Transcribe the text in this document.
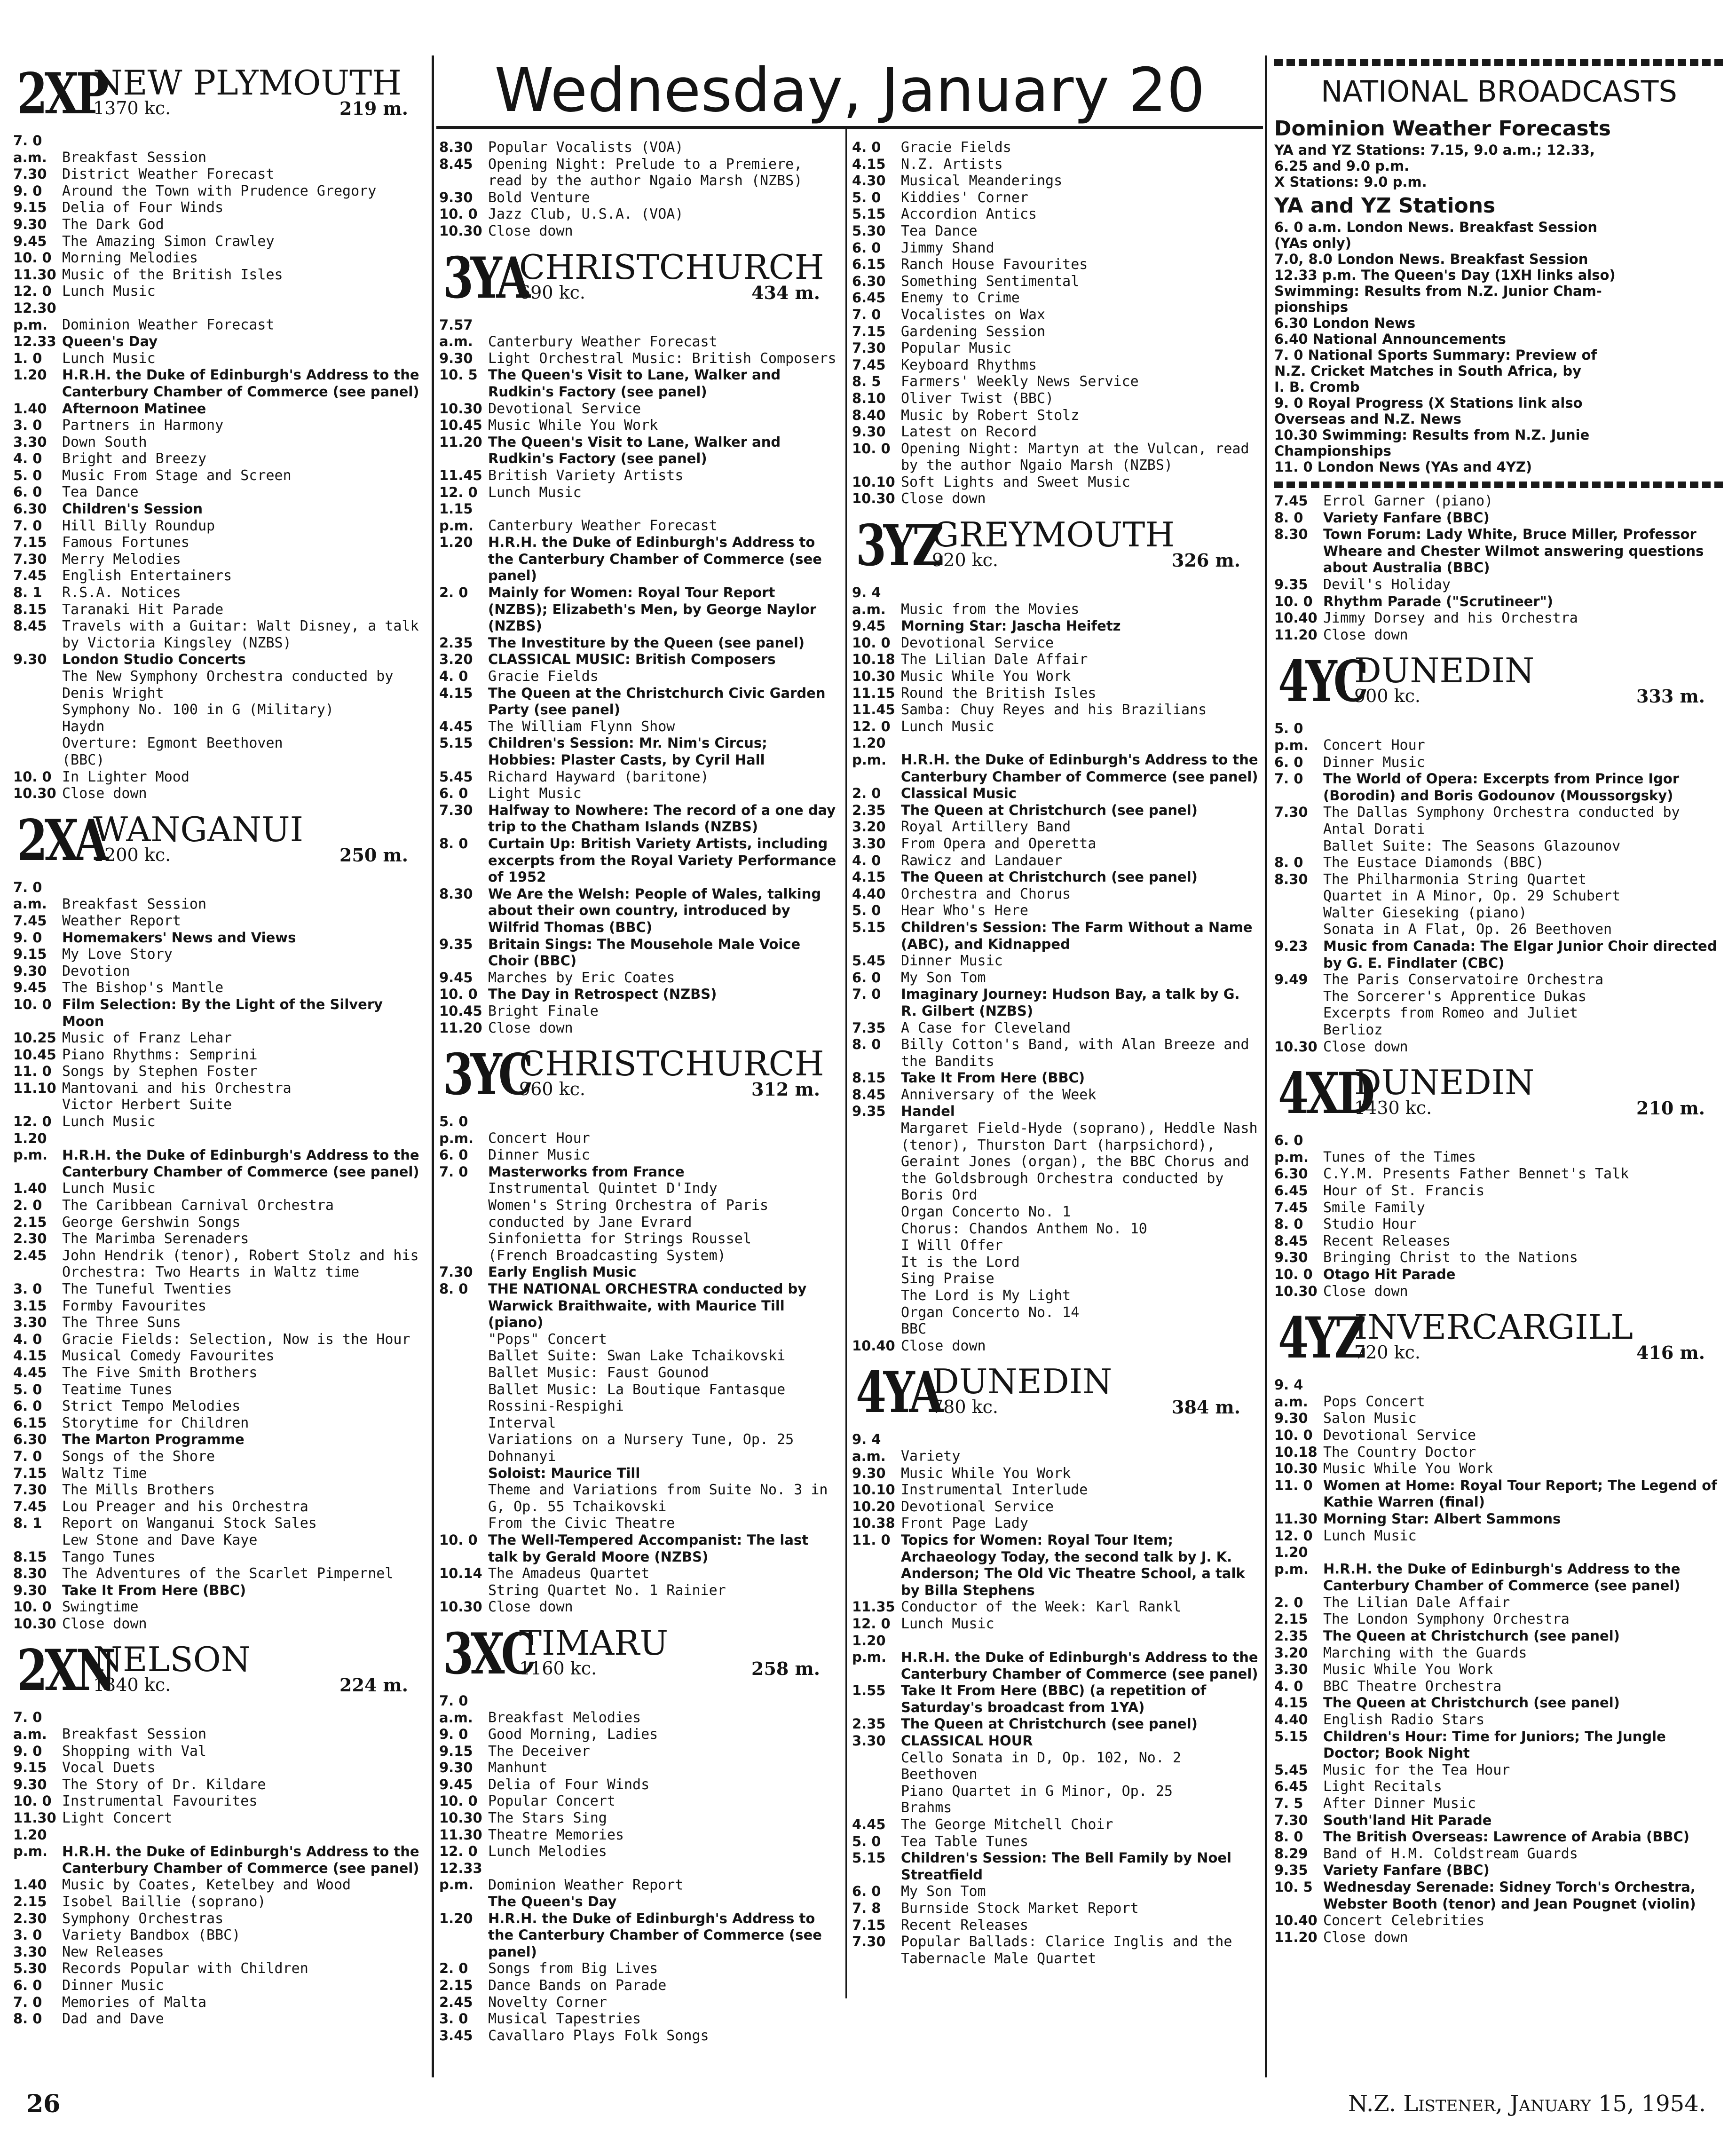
Wednesday, January 20
2XP
NEW PLYMOUTH
1370 kc.	219 m.
7. 0 a.m. Breakfast Session
7.30 District Weather Forecast
9. 0 Around the Town with Prudence Gregory
9.15 Delia of Four Winds
9.30 The Dark God
9.45 The Amazing Simon Crawley
10. 0 Morning Melodies
11.30 Music of the British Isles
12. 0 Lunch Music
12.30 p.m. Dominion Weather Forecast
12.33 Queen's Day
1. 0 Lunch Music
1.20 H.R.H. the Duke of Edinburgh's Address to the Canterbury Chamber of Commerce (see panel)
1.40 Afternoon Matinee
3. 0 Partners in Harmony
3.30 Down South
4. 0 Bright and Breezy
5. 0 Music From Stage and Screen
6. 0 Tea Dance
6.30 Children's Session
7. 0 Hill Billy Roundup
7.15 Famous Fortunes
7.30 Merry Melodies
7.45 English Entertainers
8. 1 R.S.A. Notices
8.15 Taranaki Hit Parade
8.45 Travels with a Guitar: Walt Disney, a talk by Victoria Kingsley (NZBS)
9.30 London Studio Concerts
The New Symphony Orchestra conducted by Denis Wright
Symphony No. 100 in G (Military)
Haydn
Overture: Egmont Beethoven
(BBC)
10. 0 In Lighter Mood
10.30 Close down
2XA
WANGANUI
1200 kc.	250 m.
7. 0 a.m. Breakfast Session
7.45 Weather Report
9. 0 Homemakers' News and Views
9.15 My Love Story
9.30 Devotion
9.45 The Bishop's Mantle
10. 0 Film Selection: By the Light of the Silvery Moon
10.25 Music of Franz Lehar
10.45 Piano Rhythms: Semprini
11. 0 Songs by Stephen Foster
11.10 Mantovani and his Orchestra
Victor Herbert Suite
12. 0 Lunch Music
1.20 p.m. H.R.H. the Duke of Edinburgh's Address to the Canterbury Chamber of Commerce (see panel)
1.40 Lunch Music
2. 0 The Caribbean Carnival Orchestra
2.15 George Gershwin Songs
2.30 The Marimba Serenaders
2.45 John Hendrik (tenor), Robert Stolz and his Orchestra: Two Hearts in Waltz time
3. 0 The Tuneful Twenties
3.15 Formby Favourites
3.30 The Three Suns
4. 0 Gracie Fields: Selection, Now is the Hour
4.15 Musical Comedy Favourites
4.45 The Five Smith Brothers
5. 0 Teatime Tunes
6. 0 Strict Tempo Melodies
6.15 Storytime for Children
6.30 The Marton Programme
7. 0 Songs of the Shore
7.15 Waltz Time
7.30 The Mills Brothers
7.45 Lou Preager and his Orchestra
8. 1 Report on Wanganui Stock Sales
Lew Stone and Dave Kaye
8.15 Tango Tunes
8.30 The Adventures of the Scarlet Pimpernel
9.30 Take It From Here (BBC)
10. 0 Swingtime
10.30 Close down
2XN
NELSON
1340 kc.	224 m.
7. 0 a.m. Breakfast Session
9. 0 Shopping with Val
9.15 Vocal Duets
9.30 The Story of Dr. Kildare
10. 0 Instrumental Favourites
11.30 Light Concert
1.20 p.m. H.R.H. the Duke of Edinburgh's Address to the Canterbury Chamber of Commerce (see panel)
1.40 Music by Coates, Ketelbey and Wood
2.15 Isobel Baillie (soprano)
2.30 Symphony Orchestras
3. 0 Variety Bandbox (BBC)
3.30 New Releases
5.30 Records Popular with Children
6. 0 Dinner Music
7. 0 Memories of Malta
8. 0 Dad and Dave
8.30 Popular Vocalists (VOA)
8.45 Opening Night: Prelude to a Premiere, read by the author Ngaio Marsh (NZBS)
9.30 Bold Venture
10. 0 Jazz Club, U.S.A. (VOA)
10.30 Close down
3YA
CHRISTCHURCH
690 kc.	434 m.
7.57 a.m. Canterbury Weather Forecast
9.30 Light Orchestral Music: British Composers
10. 5 The Queen's Visit to Lane, Walker and Rudkin's Factory (see panel)
10.30 Devotional Service
10.45 Music While You Work
11.20 The Queen's Visit to Lane, Walker and Rudkin's Factory (see panel)
11.45 British Variety Artists
12. 0 Lunch Music
1.15 p.m. Canterbury Weather Forecast
1.20 H.R.H. the Duke of Edinburgh's Address to the Canterbury Chamber of Commerce (see panel)
2. 0 Mainly for Women: Royal Tour Report (NZBS); Elizabeth's Men, by George Naylor (NZBS)
2.35 The Investiture by the Queen (see panel)
3.20 CLASSICAL MUSIC: British Composers
4. 0 Gracie Fields
4.15 The Queen at the Christchurch Civic Garden Party (see panel)
4.45 The William Flynn Show
5.15 Children's Session: Mr. Nim's Circus; Hobbies: Plaster Casts, by Cyril Hall
5.45 Richard Hayward (baritone)
6. 0 Light Music
7.30 Halfway to Nowhere: The record of a one day trip to the Chatham Islands (NZBS)
8. 0 Curtain Up: British Variety Artists, including excerpts from the Royal Variety Performance of 1952
8.30 We Are the Welsh: People of Wales, talking about their own country, introduced by Wilfrid Thomas (BBC)
9.35 Britain Sings: The Mousehole Male Voice Choir (BBC)
9.45 Marches by Eric Coates
10. 0 The Day in Retrospect (NZBS)
10.45 Bright Finale
11.20 Close down
3YC
CHRISTCHURCH
960 kc.	312 m.
5. 0 p.m. Concert Hour
6. 0 Dinner Music
7. 0 Masterworks from France
Instrumental Quintet D'Indy
Women's String Orchestra of Paris conducted by Jane Evrard
Sinfonietta for Strings Roussel
(French Broadcasting System)
7.30 Early English Music
8. 0 THE NATIONAL ORCHESTRA conducted by Warwick Braithwaite, with Maurice Till (piano)
"Pops" Concert
Ballet Suite: Swan Lake Tchaikovski
Ballet Music: Faust Gounod
Ballet Music: La Boutique Fantasque
Rossini-Respighi
Interval
Variations on a Nursery Tune, Op. 25
Dohnanyi
Soloist: Maurice Till
Theme and Variations from Suite No. 3 in G, Op. 55 Tchaikovski
From the Civic Theatre
10. 0 The Well-Tempered Accompanist: The last talk by Gerald Moore (NZBS)
10.14 The Amadeus Quartet
String Quartet No. 1 Rainier
10.30 Close down
3XC
TIMARU
1160 kc.	258 m.
7. 0 a.m. Breakfast Melodies
9. 0 Good Morning, Ladies
9.15 The Deceiver
9.30 Manhunt
9.45 Delia of Four Winds
10. 0 Popular Concert
10.30 The Stars Sing
11.30 Theatre Memories
12. 0 Lunch Melodies
12.33 p.m. Dominion Weather Report
The Queen's Day
1.20 H.R.H. the Duke of Edinburgh's Address to the Canterbury Chamber of Commerce (see panel)
2. 0 Songs from Big Lives
2.15 Dance Bands on Parade
2.45 Novelty Corner
3. 0 Musical Tapestries
3.45 Cavallaro Plays Folk Songs
4. 0 Gracie Fields
4.15 N.Z. Artists
4.30 Musical Meanderings
5. 0 Kiddies' Corner
5.15 Accordion Antics
5.30 Tea Dance
6. 0 Jimmy Shand
6.15 Ranch House Favourites
6.30 Something Sentimental
6.45 Enemy to Crime
7. 0 Vocalistes on Wax
7.15 Gardening Session
7.30 Popular Music
7.45 Keyboard Rhythms
8. 5 Farmers' Weekly News Service
8.10 Oliver Twist (BBC)
8.40 Music by Robert Stolz
9.30 Latest on Record
10. 0 Opening Night: Martyn at the Vulcan, read by the author Ngaio Marsh (NZBS)
10.10 Soft Lights and Sweet Music
10.30 Close down
3YZ
GREYMOUTH
920 kc.	326 m.
9. 4 a.m. Music from the Movies
9.45 Morning Star: Jascha Heifetz
10. 0 Devotional Service
10.18 The Lilian Dale Affair
10.30 Music While You Work
11.15 Round the British Isles
11.45 Samba: Chuy Reyes and his Brazilians
12. 0 Lunch Music
1.20 p.m. H.R.H. the Duke of Edinburgh's Address to the Canterbury Chamber of Commerce (see panel)
2. 0 Classical Music
2.35 The Queen at Christchurch (see panel)
3.20 Royal Artillery Band
3.30 From Opera and Operetta
4. 0 Rawicz and Landauer
4.15 The Queen at Christchurch (see panel)
4.40 Orchestra and Chorus
5. 0 Hear Who's Here
5.15 Children's Session: The Farm Without a Name (ABC), and Kidnapped
5.45 Dinner Music
6. 0 My Son Tom
7. 0 Imaginary Journey: Hudson Bay, a talk by G. R. Gilbert (NZBS)
7.35 A Case for Cleveland
8. 0 Billy Cotton's Band, with Alan Breeze and the Bandits
8.15 Take It From Here (BBC)
8.45 Anniversary of the Week
9.35 Handel
Margaret Field-Hyde (soprano), Heddle Nash (tenor), Thurston Dart (harpsichord), Geraint Jones (organ), the BBC Chorus and the Goldsbrough Orchestra conducted by Boris Ord
Organ Concerto No. 1
Chorus: Chandos Anthem No. 10
I Will Offer
It is the Lord
Sing Praise
The Lord is My Light
Organ Concerto No. 14
BBC
10.40 Close down
4YA
DUNEDIN
780 kc.	384 m.
9. 4 a.m. Variety
9.30 Music While You Work
10.10 Instrumental Interlude
10.20 Devotional Service
10.38 Front Page Lady
11. 0 Topics for Women: Royal Tour Item; Archaeology Today, the second talk by J. K. Anderson; The Old Vic Theatre School, a talk by Billa Stephens
11.35 Conductor of the Week: Karl Rankl
12. 0 Lunch Music
1.20 p.m. H.R.H. the Duke of Edinburgh's Address to the Canterbury Chamber of Commerce (see panel)
1.55 Take It From Here (BBC) (a repetition of Saturday's broadcast from 1YA)
2.35 The Queen at Christchurch (see panel)
3.30 CLASSICAL HOUR
Cello Sonata in D, Op. 102, No. 2
Beethoven
Piano Quartet in G Minor, Op. 25
Brahms
4.45 The George Mitchell Choir
5. 0 Tea Table Tunes
5.15 Children's Session: The Bell Family by Noel Streatfield
6. 0 My Son Tom
7. 8 Burnside Stock Market Report
7.15 Recent Releases
7.30 Popular Ballads: Clarice Inglis and the Tabernacle Male Quartet
NATIONAL BROADCASTS
Dominion Weather Forecasts
YA and YZ Stations: 7.15, 9.0 a.m.; 12.33,
6.25 and 9.0 p.m.
X Stations: 9.0 p.m.
YA and YZ Stations
6. 0 a.m. London News. Breakfast Session
(YAs only)
7.0, 8.0 London News. Breakfast Session
12.33 p.m. The Queen's Day (1XH links also)
Swimming: Results from N.Z. Junior Cham-
pionships
6.30 London News
6.40 National Announcements
7. 0 National Sports Summary: Preview of
N.Z. Cricket Matches in South Africa, by
I. B. Cromb
9. 0 Royal Progress (X Stations link also
Overseas and N.Z. News
10.30 Swimming: Results from N.Z. Junie
Championships
11. 0 London News (YAs and 4YZ)
7.45 Errol Garner (piano)
8. 0 Variety Fanfare (BBC)
8.30 Town Forum: Lady White, Bruce Miller, Professor Wheare and Chester Wilmot answering questions about Australia (BBC)
9.35 Devil's Holiday
10. 0 Rhythm Parade ("Scrutineer")
10.40 Jimmy Dorsey and his Orchestra
11.20 Close down
4YC
DUNEDIN
900 kc.	333 m.
5. 0 p.m. Concert Hour
6. 0 Dinner Music
7. 0 The World of Opera: Excerpts from Prince Igor (Borodin) and Boris Godounov (Moussorgsky)
7.30 The Dallas Symphony Orchestra conducted by Antal Dorati
Ballet Suite: The Seasons Glazounov
8. 0 The Eustace Diamonds (BBC)
8.30 The Philharmonia String Quartet
Quartet in A Minor, Op. 29 Schubert
Walter Gieseking (piano)
Sonata in A Flat, Op. 26 Beethoven
9.23 Music from Canada: The Elgar Junior Choir directed by G. E. Findlater (CBC)
9.49 The Paris Conservatoire Orchestra
The Sorcerer's Apprentice Dukas
Excerpts from Romeo and Juliet
Berlioz
10.30 Close down
4XD
DUNEDIN
1430 kc.	210 m.
6. 0 p.m. Tunes of the Times
6.30 C.Y.M. Presents Father Bennet's Talk
6.45 Hour of St. Francis
7.45 Smile Family
8. 0 Studio Hour
8.45 Recent Releases
9.30 Bringing Christ to the Nations
10. 0 Otago Hit Parade
10.30 Close down
4YZ
INVERCARGILL
720 kc.	416 m.
9. 4 a.m. Pops Concert
9.30 Salon Music
10. 0 Devotional Service
10.18 The Country Doctor
10.30 Music While You Work
11. 0 Women at Home: Royal Tour Report; The Legend of Kathie Warren (final)
11.30 Morning Star: Albert Sammons
12. 0 Lunch Music
1.20 p.m. H.R.H. the Duke of Edinburgh's Address to the Canterbury Chamber of Commerce (see panel)
2. 0 The Lilian Dale Affair
2.15 The London Symphony Orchestra
2.35 The Queen at Christchurch (see panel)
3.20 Marching with the Guards
3.30 Music While You Work
4. 0 BBC Theatre Orchestra
4.15 The Queen at Christchurch (see panel)
4.40 English Radio Stars
5.15 Children's Hour: Time for Juniors; The Jungle Doctor; Book Night
5.45 Music for the Tea Hour
6.45 Light Recitals
7. 5 After Dinner Music
7.30 South'land Hit Parade
8. 0 The British Overseas: Lawrence of Arabia (BBC)
8.29 Band of H.M. Coldstream Guards
9.35 Variety Fanfare (BBC)
10. 5 Wednesday Serenade: Sidney Torch's Orchestra, Webster Booth (tenor) and Jean Pougnet (violin)
10.40 Concert Celebrities
11.20 Close down
26	N.Z. Listener, January 15, 1954.
